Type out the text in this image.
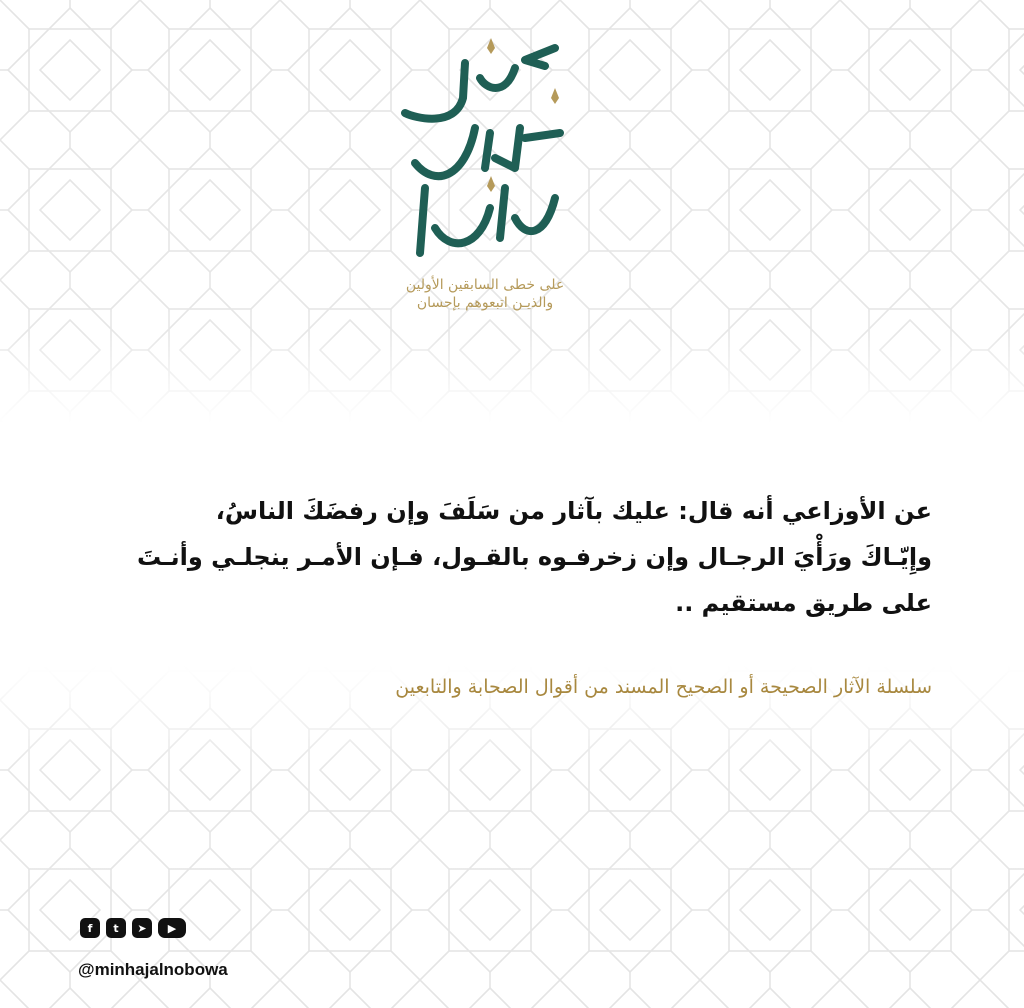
على خطى السابقين الأولين
والذيـن اتبعوهم بإحسان
عن الأوزاعي أنه قال: عليك بآثار من سَلَفَ وإن رفضَكَ الناسُ،
وإِيّـاكَ ورَأْيَ الرجـال وإن زخرفـوه بالقـول، فـإن الأمـر ينجلـي وأنـتَ
على طريق مستقيم ..
سلسلة الآثار الصحيحة أو الصحيح المسند من أقوال الصحابة والتابعين
f	t	➤	▶
@minhajalnobowa
